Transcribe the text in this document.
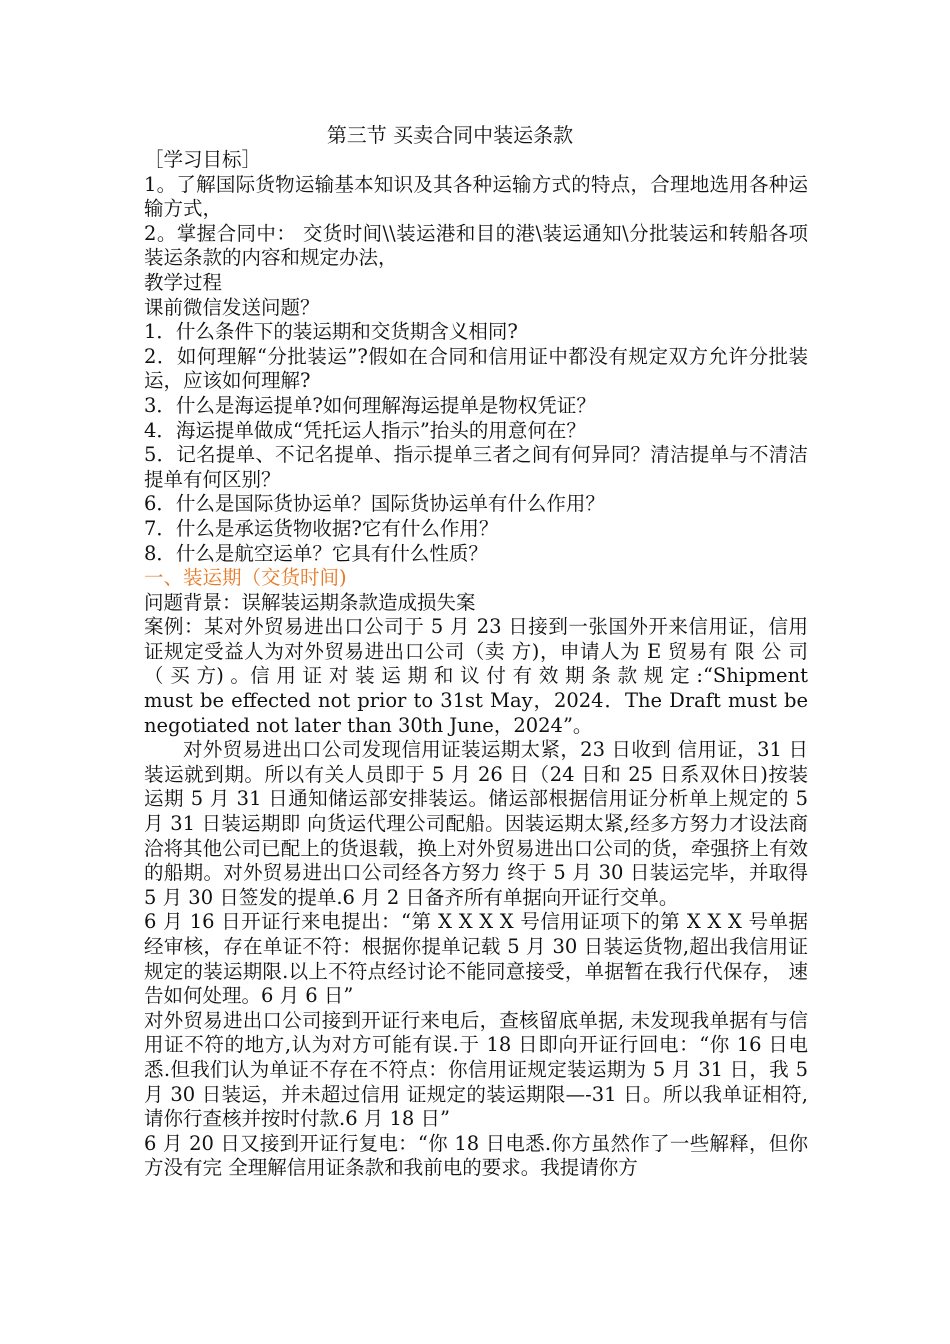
第三节 买卖合同中装运条款

［学习目标］

1。了解国际货物运输基本知识及其各种运输方式的特点，合理地选用各种运输方式，

2。掌握合同中： 交货时间\\装运港和目的港\装运通知\分批装运和转船各项装运条款的内容和规定办法，

教学过程

课前微信发送问题？

1．什么条件下的装运期和交货期含义相同?

2．如何理解“分批装运”?假如在合同和信用证中都没有规定双方允许分批装运，应该如何理解?

3．什么是海运提单?如何理解海运提单是物权凭证？

4．海运提单做成“凭托运人指示”抬头的用意何在？

5．记名提单、不记名提单、指示提单三者之间有何异同？清洁提单与不清洁提单有何区别？

6．什么是国际货协运单？国际货协运单有什么作用？

7．什么是承运货物收据?它有什么作用？

8．什么是航空运单？它具有什么性质？

一、装运期（交货时间)

问题背景：误解装运期条款造成损失案

案例：某对外贸易进出口公司于 5 月 23 日接到一张国外开来信用证，信用证规定受益人为对外贸易进出口公司（卖 方)，申请人为 E 贸易有 限 公 司 （ 买 方) 。信 用 证 对 装 运 期 和 议 付 有 效 期 条 款 规 定 :“Shipment must be effected not prior to 31st May，2024．The Draft must be negotiated not later than 30th June，2024”。

对外贸易进出口公司发现信用证装运期太紧，23 日收到 信用证，31 日装运就到期。所以有关人员即于 5 月 26 日（24 日和 25 日系双休日)按装运期 5 月 31 日通知储运部安排装运。储运部根据信用证分析单上规定的 5 月 31 日装运期即 向货运代理公司配船。因装运期太紧,经多方努力才设法商 洽将其他公司已配上的货退载，换上对外贸易进出口公司的货，牵强挤上有效的船期。对外贸易进出口公司经各方努力 终于 5 月 30 日装运完毕，并取得 5 月 30 日签发的提单.6 月 2 日备齐所有单据向开证行交单。

6 月 16 日开证行来电提出：“第 X X X X 号信用证项下的第 X X X 号单据经审核，存在单证不符：根据你提单记载 5 月 30 日装运货物,超出我信用证规定的装运期限.以上不符点经讨论不能同意接受，单据暂在我行代保存， 速告如何处理。6 月 6 日”

对外贸易进出口公司接到开证行来电后，查核留底单据, 未发现我单据有与信用证不符的地方,认为对方可能有误.于 18 日即向开证行回电：“你 16 日电悉.但我们认为单证不存在不符点：你信用证规定装运期为 5 月 31 日，我 5 月 30 日装运，并未超过信用 证规定的装运期限—-31 日。所以我单证相符,请你行查核并按时付款.6 月 18 日”

6 月 20 日又接到开证行复电：“你 18 日电悉.你方虽然作了一些解释，但你方没有完 全理解信用证条款和我前电的要求。我提请你方
